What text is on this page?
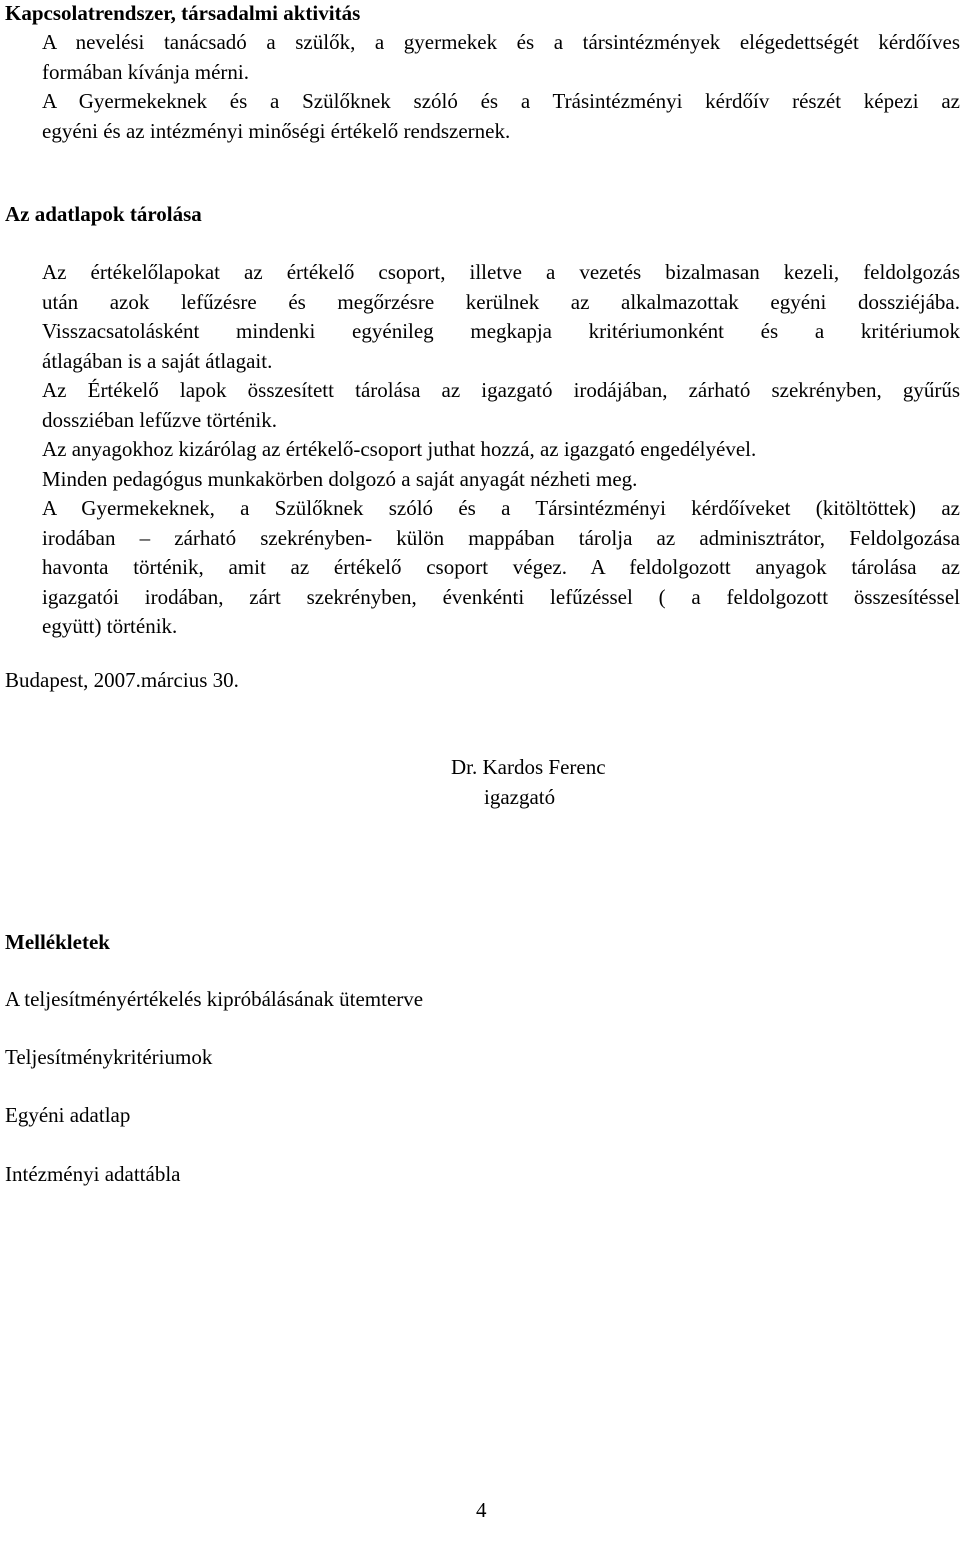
Kapcsolatrendszer, társadalmi aktivitás

A nevelési tanácsadó a szülők, a gyermekek és a társintézmények elégedettségét kérdőíves
formában kívánja mérni.
A Gyermekeknek és a Szülőknek szóló és a Trásintézményi kérdőív részét képezi az
egyéni és az intézményi minőségi értékelő rendszernek.

Az adatlapok tárolása

Az értékelőlapokat az értékelő csoport, illetve a vezetés bizalmasan kezeli, feldolgozás
után azok lefűzésre és megőrzésre kerülnek az alkalmazottak egyéni dossziéjába.

Visszacsatolásként mindenki egyénileg megkapja kritériumonként és a kritériumok
átlagában is a saját átlagait.

Az Értékelő lapok összesített tárolása az igazgató irodájában, zárható szekrényben, gyűrűs
dossziéban lefűzve történik.

Az anyagokhoz kizárólag az értékelő-csoport juthat hozzá, az igazgató engedélyével.

Minden pedagógus munkakörben dolgozó a saját anyagát nézheti meg.

A Gyermekeknek, a Szülőknek szóló és a Társintézményi kérdőíveket (kitöltöttek) az
irodában – zárható szekrényben- külön mappában tárolja az adminisztrátor, Feldolgozása
havonta történik, amit az értékelő csoport végez. A feldolgozott anyagok tárolása az
igazgatói irodában, zárt szekrényben, évenkénti lefűzéssel ( a feldolgozott összesítéssel
együtt) történik.

Budapest, 2007.március 30.

Dr. Kardos Ferenc

igazgató

Mellékletek

A teljesítményértékelés kipróbálásának ütemterve

Teljesítménykritériumok

Egyéni adatlap

Intézményi adattábla

4
